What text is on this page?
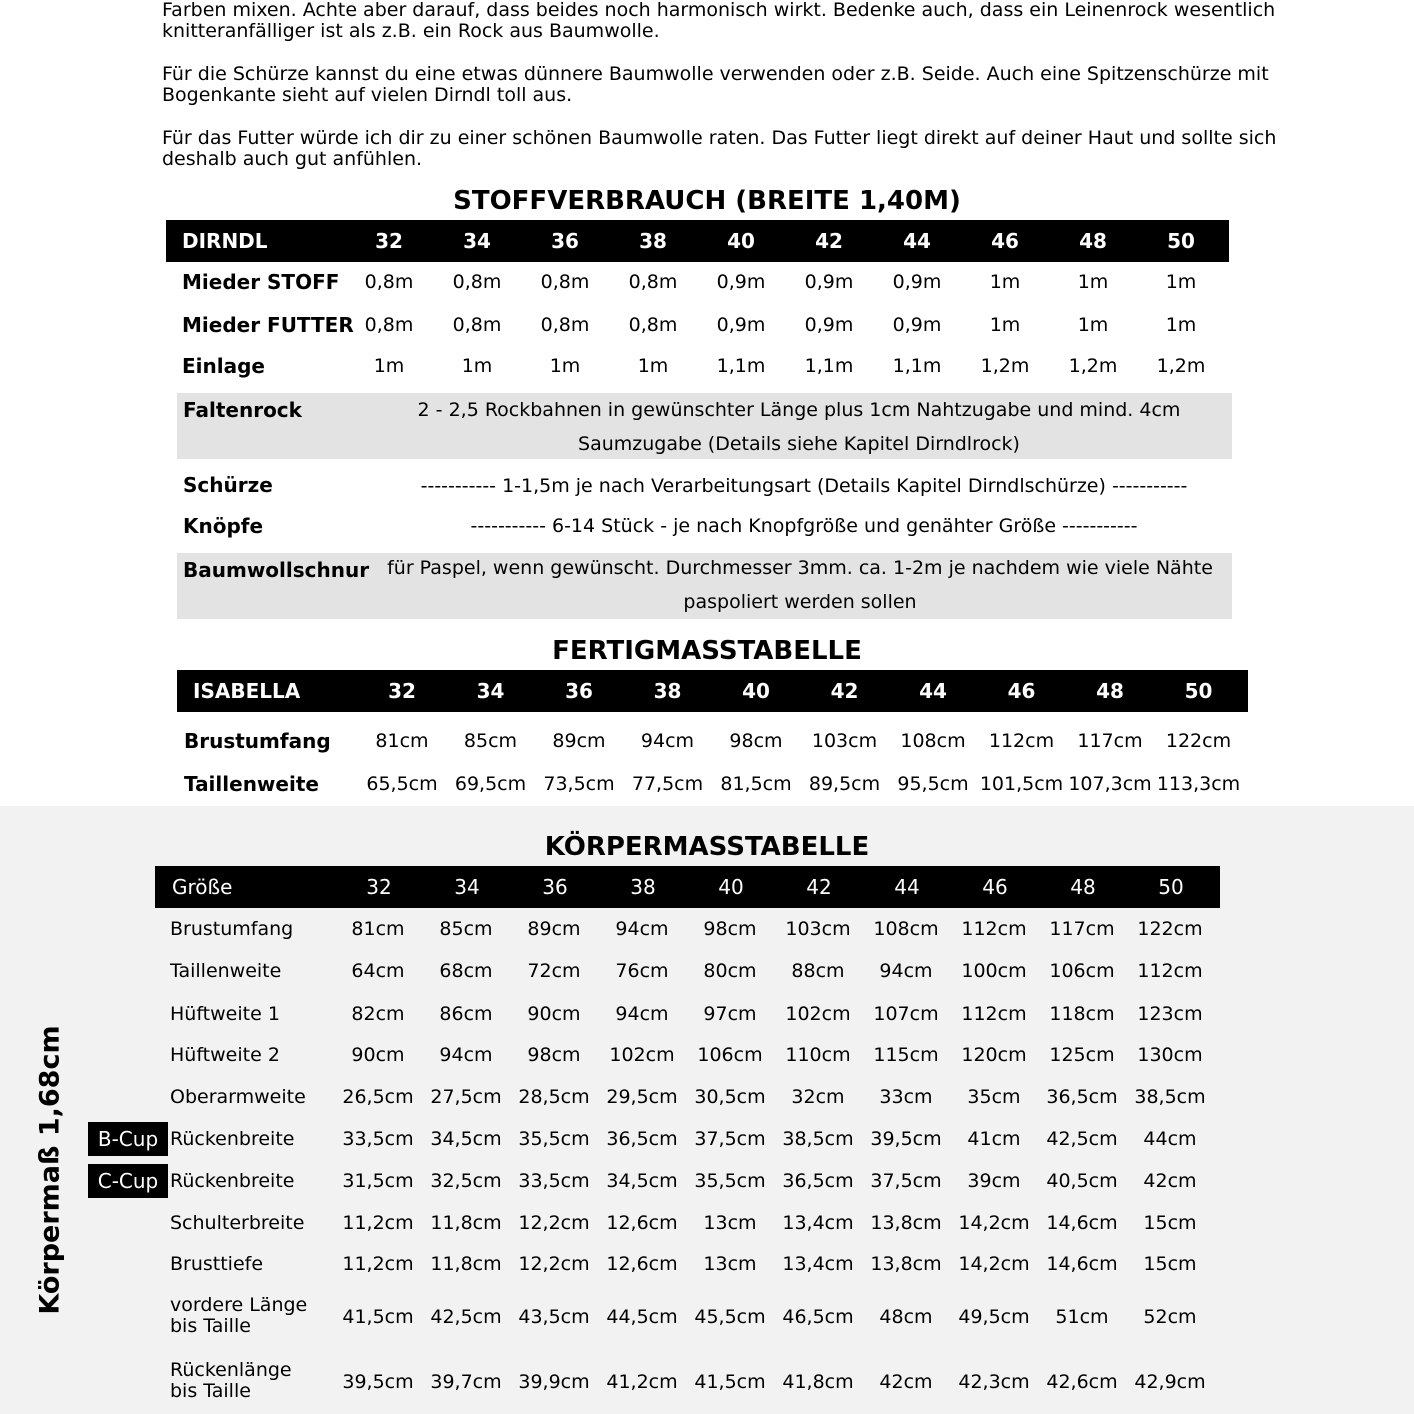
Farben mixen. Achte aber darauf, dass beides noch harmonisch wirkt. Bedenke auch, dass ein Leinenrock wesentlich
knitteranfälliger ist als z.B. ein Rock aus Baumwolle.

Für die Schürze kannst du eine etwas dünnere Baumwolle verwenden oder z.B. Seide. Auch eine Spitzenschürze mit
Bogenkante sieht auf vielen Dirndl toll aus.

Für das Futter würde ich dir zu einer schönen Baumwolle raten. Das Futter liegt direkt auf deiner Haut und sollte sich
deshalb auch gut anfühlen.

STOFFVERBRAUCH (BREITE 1,40M)
DIRNDL	32	34	36	38	40	42	44	46	48	50
Mieder STOFF 0,8m 0,8m 0,8m 0,8m 0,9m 0,9m 0,9m	1m	1m	1m
Mieder FUTTER 0,8m 0,8m 0,8m 0,8m 0,9m 0,9m 0,9m	1m	1m	1m
Einlage	1m	1m	1m	1m	1,1m 1,1m 1,1m 1,2m 1,2m 1,2m
Faltenrock	2 - 2,5 Rockbahnen in gewünschter Länge plus 1cm Nahtzugabe und mind. 4cm
Saumzugabe (Details siehe Kapitel Dirndlrock)
Schürze	----------- 1-1,5m je nach Verarbeitungsart (Details Kapitel Dirndlschürze) -----------
Knöpfe	----------- 6-14 Stück - je nach Knopfgröße und genähter Größe -----------
Baumwollschnur für Paspel, wenn gewünscht. Durchmesser 3mm. ca. 1-2m je nachdem wie viele Nähte
paspoliert werden sollen
FERTIGMASSTABELLE
ISABELLA	32	34	36	38	40	42	44	46	48	50
Brustumfang 81cm 85cm 89cm 94cm 98cm 103cm 108cm 112cm 117cm 122cm
Taillenweite 65,5cm 69,5cm 73,5cm 77,5cm 81,5cm 89,5cm 95,5cm 101,5cm 107,3cm 113,3cm
KÖRPERMASSTABELLE
Körpermaß 1,68cm
Größe	32	34	36	38	40	42	44	46	48	50
Brustumfang	81cm 85cm 89cm 94cm 98cm 103cm 108cm 112cm 117cm 122cm
Taillenweite	64cm 68cm 72cm 76cm 80cm 88cm 94cm 100cm 106cm 112cm
Hüftweite 1	82cm 86cm 90cm 94cm 97cm 102cm 107cm 112cm 118cm 123cm
Hüftweite 2	90cm 94cm 98cm 102cm 106cm 110cm 115cm 120cm 125cm 130cm
Oberarmweite 26,5cm 27,5cm 28,5cm 29,5cm 30,5cm 32cm 33cm 35cm 36,5cm 38,5cm
B-Cup Rückenbreite	33,5cm 34,5cm 35,5cm 36,5cm 37,5cm 38,5cm 39,5cm 41cm 42,5cm 44cm
C-Cup Rückenbreite	31,5cm 32,5cm 33,5cm 34,5cm 35,5cm 36,5cm 37,5cm 39cm 40,5cm 42cm
Schulterbreite 11,2cm 11,8cm 12,2cm 12,6cm 13cm 13,4cm 13,8cm 14,2cm 14,6cm 15cm
Brusttiefe	11,2cm 11,8cm 12,2cm 12,6cm 13cm 13,4cm 13,8cm 14,2cm 14,6cm 15cm
vordere Länge
bis Taille	41,5cm 42,5cm 43,5cm 44,5cm 45,5cm 46,5cm 48cm 49,5cm 51cm 52cm
Rückenlänge
bis Taille	39,5cm 39,7cm 39,9cm 41,2cm 41,5cm 41,8cm 42cm 42,3cm 42,6cm 42,9cm
